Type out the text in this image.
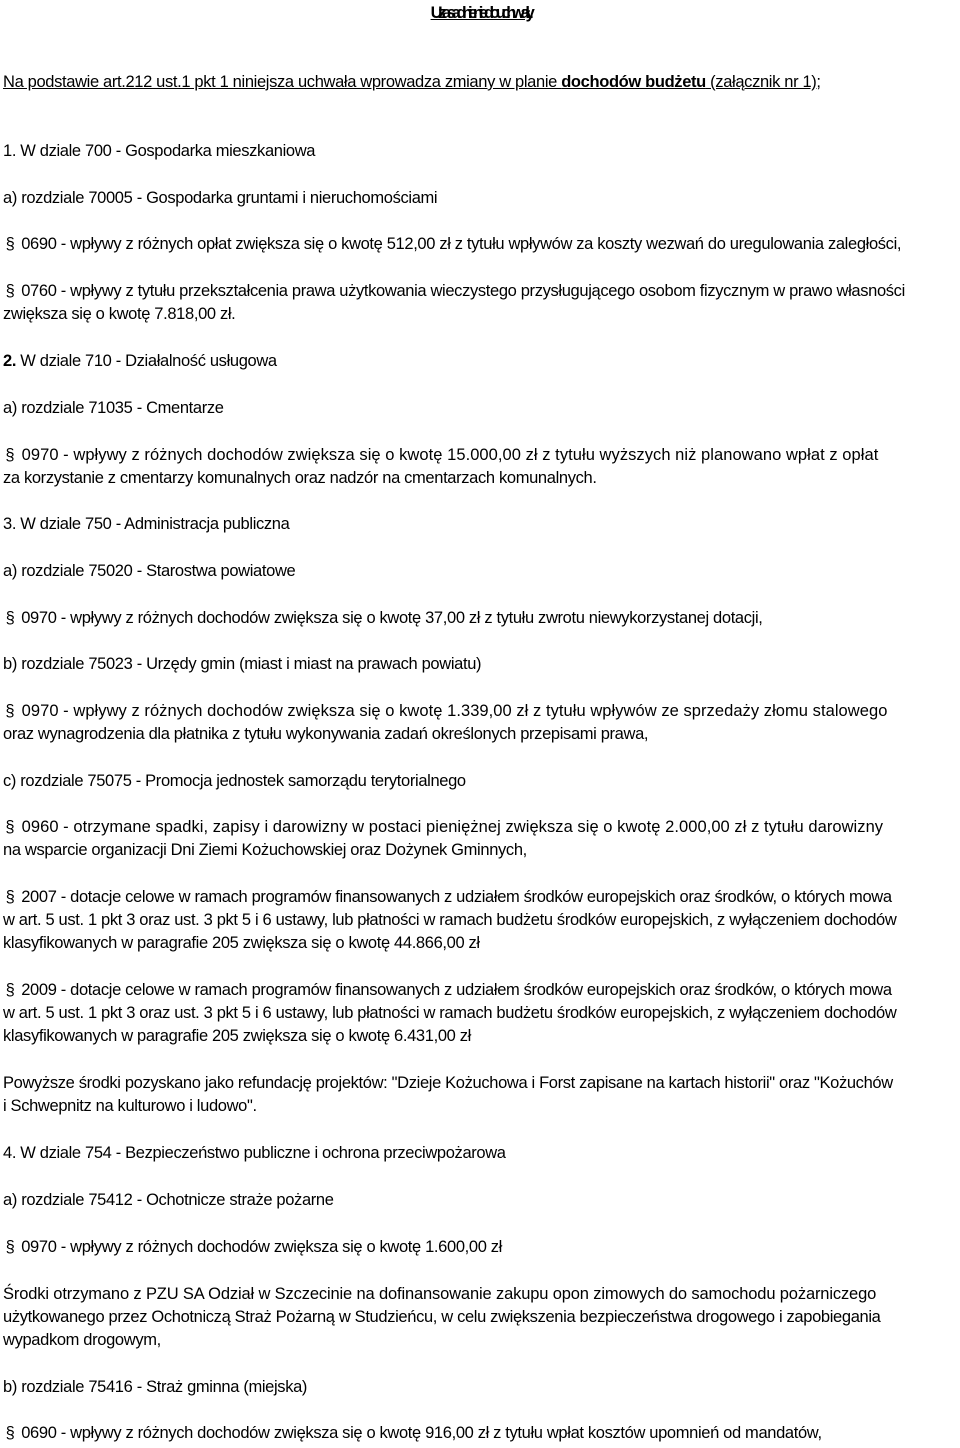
Uzasadnienie do uchwały.

Na podstawie art.212 ust.1 pkt 1 niniejsza uchwała wprowadza zmiany w planie dochodów budżetu (załącznik nr 1);

1. W dziale 700 - Gospodarka mieszkaniowa

a) rozdziale 70005 - Gospodarka gruntami i nieruchomościami

§ 0690 - wpływy z różnych opłat zwiększa się o kwotę 512,00 zł z tytułu wpływów za koszty wezwań do uregulowania zaległości,

§ 0760 - wpływy z tytułu przekształcenia prawa użytkowania wieczystego przysługującego osobom fizycznym w prawo własności

zwiększa się o kwotę 7.818,00 zł.

2. W dziale 710 - Działalność usługowa

a) rozdziale 71035 - Cmentarze

§ 0970 - wpływy z różnych dochodów zwiększa się o kwotę 15.000,00 zł z tytułu wyższych niż planowano wpłat z opłat

za korzystanie z cmentarzy komunalnych oraz nadzór na cmentarzach komunalnych.

3. W dziale 750 - Administracja publiczna

a) rozdziale 75020 - Starostwa powiatowe

§ 0970 - wpływy z różnych dochodów zwiększa się o kwotę 37,00 zł z tytułu zwrotu niewykorzystanej dotacji,

b) rozdziale 75023 - Urzędy gmin (miast i miast na prawach powiatu)

§ 0970 - wpływy z różnych dochodów zwiększa się o kwotę 1.339,00 zł z tytułu wpływów ze sprzedaży złomu stalowego

oraz wynagrodzenia dla płatnika z tytułu wykonywania zadań określonych przepisami prawa,

c) rozdziale 75075 - Promocja jednostek samorządu terytorialnego

§ 0960 - otrzymane spadki, zapisy i darowizny w postaci pieniężnej zwiększa się o kwotę 2.000,00 zł z tytułu darowizny

na wsparcie organizacji Dni Ziemi Kożuchowskiej oraz Dożynek Gminnych,

§ 2007 - dotacje celowe w ramach programów finansowanych z udziałem środków europejskich oraz środków, o których mowa

w art. 5 ust. 1 pkt 3 oraz ust. 3 pkt 5 i 6 ustawy, lub płatności w ramach budżetu środków europejskich, z wyłączeniem dochodów

klasyfikowanych w paragrafie 205 zwiększa się o kwotę 44.866,00 zł

§ 2009 - dotacje celowe w ramach programów finansowanych z udziałem środków europejskich oraz środków, o których mowa

w art. 5 ust. 1 pkt 3 oraz ust. 3 pkt 5 i 6 ustawy, lub płatności w ramach budżetu środków europejskich, z wyłączeniem dochodów

klasyfikowanych w paragrafie 205 zwiększa się o kwotę 6.431,00 zł

Powyższe środki pozyskano jako refundację projektów: "Dzieje Kożuchowa i Forst zapisane na kartach historii" oraz "Kożuchów

i Schwepnitz na kulturowo i ludowo".

4. W dziale 754 - Bezpieczeństwo publiczne i ochrona przeciwpożarowa

a) rozdziale 75412 - Ochotnicze straże pożarne

§ 0970 - wpływy z różnych dochodów zwiększa się o kwotę 1.600,00 zł

Środki otrzymano z PZU SA Odział w Szczecinie na dofinansowanie zakupu opon zimowych do samochodu pożarniczego

użytkowanego przez Ochotniczą Straż Pożarną w Studzieńcu, w celu zwiększenia bezpieczeństwa drogowego i zapobiegania

wypadkom drogowym,

b) rozdziale 75416 - Straż gminna (miejska)

§ 0690 - wpływy z różnych dochodów zwiększa się o kwotę 916,00 zł z tytułu wpłat kosztów upomnień od mandatów,
